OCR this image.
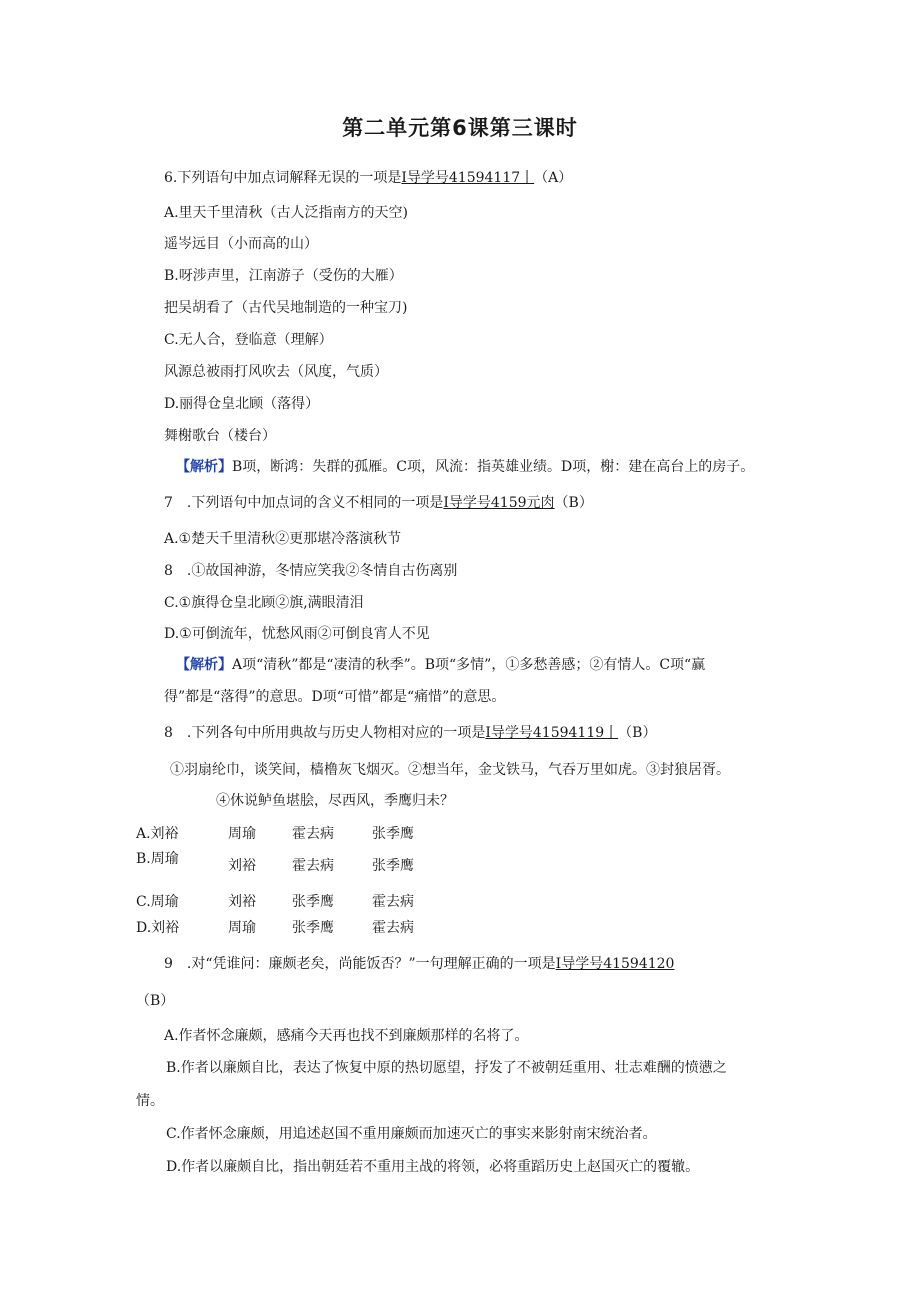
第二单元第6课第三课时
6.下列语句中加点词解释无误的一项是I导学号41594117丨（A）
A.里天千里清秋（古人泛指南方的天空)
遥岑远目（小而高的山）
B.呀涉声里，江南游子（受伤的大雁）
把吴胡看了（古代吴地制造的一种宝刀)
C.无人合，登临意（理解）
风源总被雨打风吹去（风度，气质）
D.丽得仓皇北顾（落得）
舞榭歌台（楼台）
【解析】B项，断鸿：失群的孤雁。C项，风流：指英雄业绩。D项，榭：建在高台上的房子。
7　.下列语句中加点词的含义不相同的一项是I导学号4159元肉（B）
A.①楚天千里清秋②更那堪冷落演秋节
8　.①故国神游，冬情应笑我②冬情自古伤离别
C.①旗得仓皇北顾②旗,满眼清泪
D.①可倒流年，忧愁风雨②可倒良宵人不见
【解析】A项“清秋”都是“凄清的秋季”。B项“多情”，①多愁善感；②有情人。C项“赢
得”都是“落得”的意思。D项“可惜”都是“痛惜”的意思。
8　.下列各句中所用典故与历史人物相对应的一项是I导学号41594119丨（B）
①羽扇纶巾，谈笑间，樯橹灰飞烟灭。②想当年，金戈铁马，气吞万里如虎。③封狼居胥。
④休说鲈鱼堪脍，尽西风，季鹰归未？
A.刘裕	周瑜	霍去病	张季鹰
B.周瑜	刘裕	霍去病	张季鹰
C.周瑜	刘裕	张季鹰	霍去病
D.刘裕	周瑜	张季鹰	霍去病
9　.对“凭谁问：廉颇老矣，尚能饭否？”一句理解正确的一项是I导学号41594120
（B）
A.作者怀念廉颇，感痛今天再也找不到廉颇那样的名将了。
B.作者以廉颇自比，表达了恢复中原的热切愿望，抒发了不被朝廷重用、壮志难酬的愤懑之
情。
C.作者怀念廉颇，用追述赵国不重用廉颇而加速灭亡的事实来影射南宋统治者。
D.作者以廉颇自比，指出朝廷若不重用主战的将领，必将重蹈历史上赵国灭亡的覆辙。
